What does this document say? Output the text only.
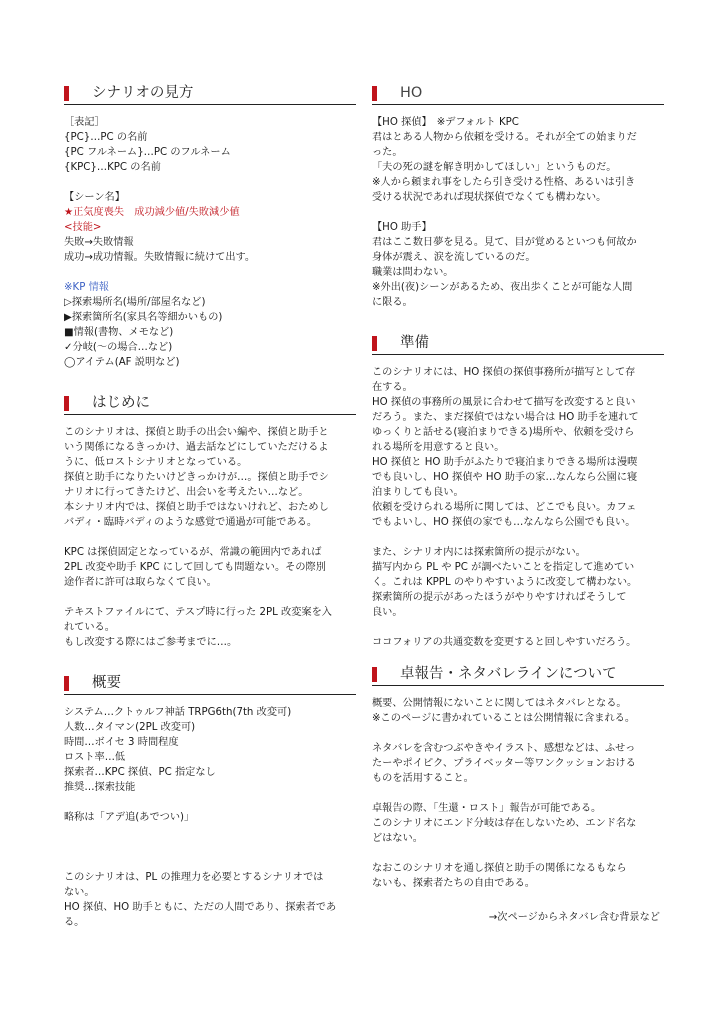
シナリオの見方
［表記］
{PC}…PC の名前
{PC フルネーム}…PC のフルネーム
{KPC}…KPC の名前
【シーン名】
★正気度喪失　成功減少値/失敗減少値
<技能>
失敗→失敗情報
成功→成功情報。失敗情報に続けて出す。
※KP 情報
▷探索場所名(場所/部屋名など)
▶探索箇所名(家具名等細かいもの)
■情報(書物、メモなど)
✓分岐(〜の場合…など)
◯アイテム(AF 説明など)
はじめに
このシナリオは、探偵と助手の出会い編や、探偵と助手と
いう関係になるきっかけ、過去話などにしていただけるよ
うに、低ロストシナリオとなっている。
探偵と助手になりたいけどきっかけが…。探偵と助手でシ
ナリオに行ってきたけど、出会いを考えたい…など。
本シナリオ内では、探偵と助手ではないけれど、おためし
バディ・臨時バディのような感覚で通過が可能である。
KPC は探偵固定となっているが、常識の範囲内であれば
2PL 改変や助手 KPC にして回しても問題ない。その際別
途作者に許可は取らなくて良い。
テキストファイルにて、テスプ時に行った 2PL 改変案を入
れている。
もし改変する際にはご参考までに…。
概要
システム…クトゥルフ神話 TRPG6th(7th 改変可)
人数…タイマン(2PL 改変可)
時間…ボイセ 3 時間程度
ロスト率…低
探索者…KPC 探偵、PC 指定なし
推奨…探索技能
略称は「アデ追(あでつい)」
このシナリオは、PL の推理力を必要とするシナリオでは
ない。
HO 探偵、HO 助手ともに、ただの人間であり、探索者であ
る。
HO
【HO 探偵】　※デフォルト KPC
君はとある人物から依頼を受ける。それが全ての始まりだ
った。
「夫の死の謎を解き明かしてほしい」というものだ。
※人から頼まれ事をしたら引き受ける性格、あるいは引き
受ける状況であれば現状探偵でなくても構わない。
【HO 助手】
君はここ数日夢を見る。見て、目が覚めるといつも何故か
身体が震え、涙を流しているのだ。
職業は問わない。
※外出(夜)シーンがあるため、夜出歩くことが可能な人間
に限る。
準備
このシナリオには、HO 探偵の探偵事務所が描写として存
在する。
HO 探偵の事務所の風景に合わせて描写を改変すると良い
だろう。また、まだ探偵ではない場合は HO 助手を連れて
ゆっくりと話せる(寝泊まりできる)場所や、依頼を受けら
れる場所を用意すると良い。
HO 探偵と HO 助手がふたりで寝泊まりできる場所は漫喫
でも良いし、HO 探偵や HO 助手の家…なんなら公園に寝
泊まりしても良い。
依頼を受けられる場所に関しては、どこでも良い。カフェ
でもよいし、HO 探偵の家でも…なんなら公園でも良い。
また、シナリオ内には探索箇所の提示がない。
描写内から PL や PC が調べたいことを指定して進めてい
く。これは KPPL のやりやすいように改変して構わない。
探索箇所の提示があったほうがやりやすければそうして
良い。
ココフォリアの共通変数を変更すると回しやすいだろう。
卓報告・ネタバレラインについて
概要、公開情報にないことに関してはネタバレとなる。
※このページに書かれていることは公開情報に含まれる。
ネタバレを含むつぶやきやイラスト、感想などは、ふせっ
たーやポイピク、プライベッター等ワンクッションおける
ものを活用すること。
卓報告の際、「生還・ロスト」報告が可能である。
このシナリオにエンド分岐は存在しないため、エンド名な
どはない。
なおこのシナリオを通し探偵と助手の関係になるもなら
ないも、探索者たちの自由である。
→次ページからネタバレ含む背景など
